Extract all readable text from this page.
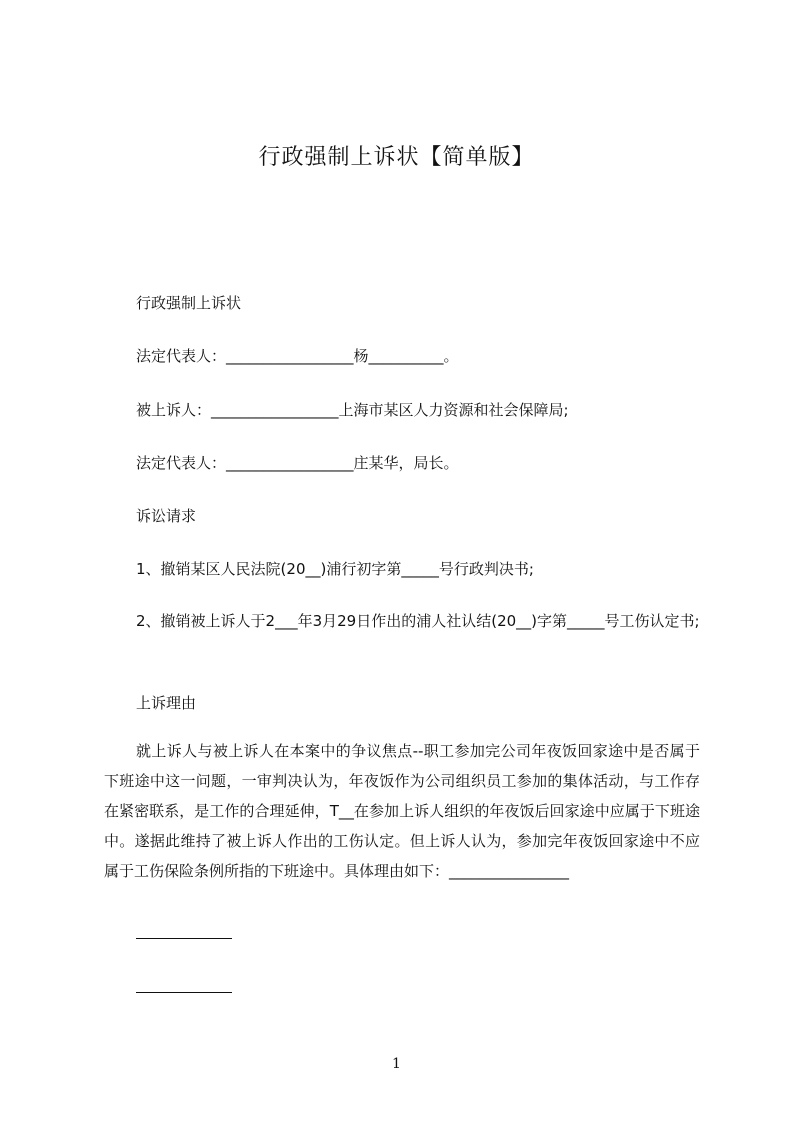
行政强制上诉状【简单版】
行政强制上诉状
法定代表人：_________________杨__________。
被上诉人：_________________上海市某区人力资源和社会保障局;
法定代表人：_________________庄某华，局长。
诉讼请求
1、撤销某区人民法院(20__)浦行初字第_____号行政判决书;
2、撤销被上诉人于2___年3月29日作出的浦人社认结(20__)字第_____号工伤认定书;
上诉理由
就上诉人与被上诉人在本案中的争议焦点--职工参加完公司年夜饭回家途中是否属于下班途中这一问题，一审判决认为，年夜饭作为公司组织员工参加的集体活动，与工作存在紧密联系，是工作的合理延伸，T__在参加上诉人组织的年夜饭后回家途中应属于下班途中。遂据此维持了被上诉人作出的工伤认定。但上诉人认为，参加完年夜饭回家途中不应属于工伤保险条例所指的下班途中。具体理由如下：________________
1
